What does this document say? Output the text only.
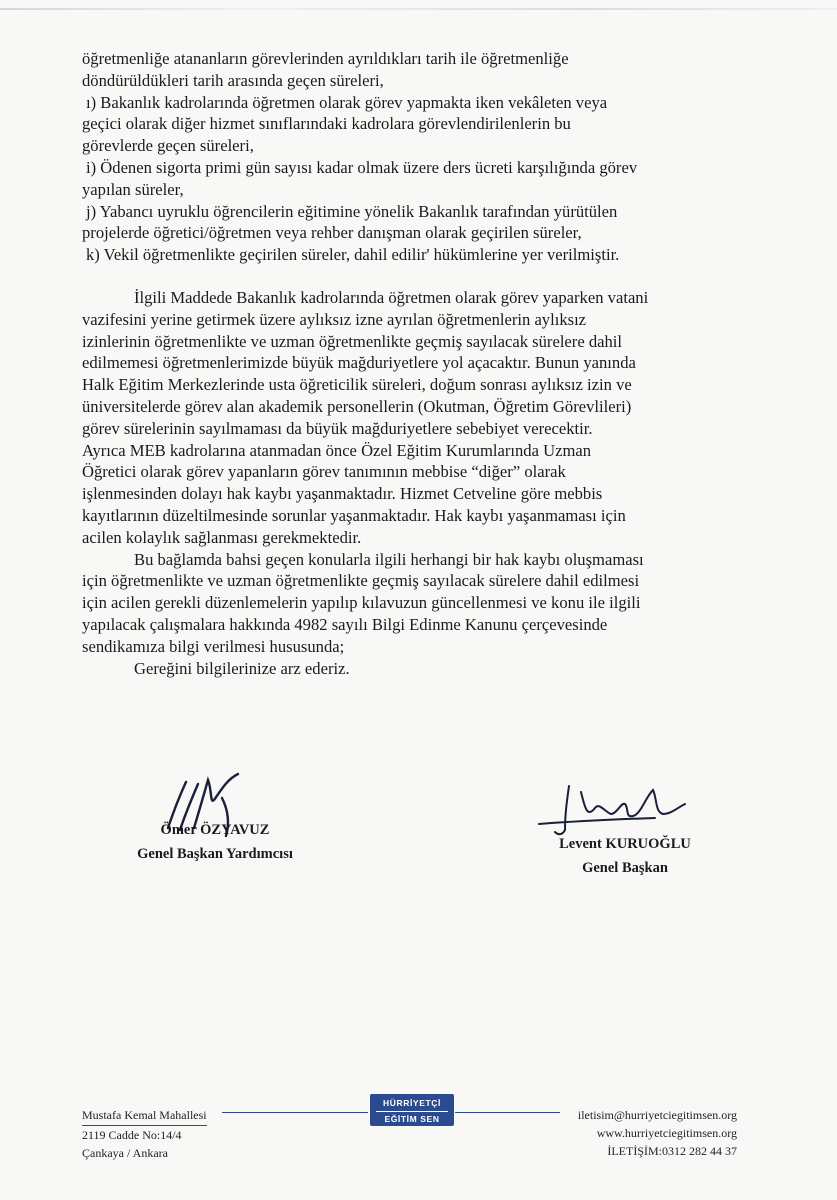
öğretmenliğe atananların görevlerinden ayrıldıkları tarih ile öğretmenliğe
döndürüldükleri tarih arasında geçen süreleri,
ı) Bakanlık kadrolarında öğretmen olarak görev yapmakta iken vekâleten veya
geçici olarak diğer hizmet sınıflarındaki kadrolara görevlendirilenlerin bu
görevlerde geçen süreleri,
i) Ödenen sigorta primi gün sayısı kadar olmak üzere ders ücreti karşılığında görev
yapılan süreler,
j) Yabancı uyruklu öğrencilerin eğitimine yönelik Bakanlık tarafından yürütülen
projelerde öğretici/öğretmen veya rehber danışman olarak geçirilen süreler,
k) Vekil öğretmenlikte geçirilen süreler, dahil edilir' hükümlerine yer verilmiştir.
İlgili Maddede Bakanlık kadrolarında öğretmen olarak görev yaparken vatani
vazifesini yerine getirmek üzere aylıksız izne ayrılan öğretmenlerin aylıksız
izinlerinin öğretmenlikte ve uzman öğretmenlikte geçmiş sayılacak sürelere dahil
edilmemesi öğretmenlerimizde büyük mağduriyetlere yol açacaktır. Bunun yanında
Halk Eğitim Merkezlerinde usta öğreticilik süreleri, doğum sonrası aylıksız izin ve
üniversitelerde görev alan akademik personellerin (Okutman, Öğretim Görevlileri)
görev sürelerinin sayılmaması da büyük mağduriyetlere sebebiyet verecektir.
Ayrıca MEB kadrolarına atanmadan önce Özel Eğitim Kurumlarında Uzman
Öğretici olarak görev yapanların görev tanımının mebbise “diğer” olarak
işlenmesinden dolayı hak kaybı yaşanmaktadır. Hizmet Cetveline göre mebbis
kayıtlarının düzeltilmesinde sorunlar yaşanmaktadır. Hak kaybı yaşanmaması için
acilen kolaylık sağlanması gerekmektedir.
Bu bağlamda bahsi geçen konularla ilgili herhangi bir hak kaybı oluşmaması
için öğretmenlikte ve uzman öğretmenlikte geçmiş sayılacak sürelere dahil edilmesi
için acilen gerekli düzenlemelerin yapılıp kılavuzun güncellenmesi ve konu ile ilgili
yapılacak çalışmalara hakkında 4982 sayılı Bilgi Edinme Kanunu çerçevesinde
sendikamıza bilgi verilmesi hususunda;
Gereğini bilgilerinize arz ederiz.
Ömer ÖZYAVUZ
Genel Başkan Yardımcısı
Levent KURUOĞLU
Genel Başkan
Mustafa Kemal Mahallesi
2119 Cadde No:14/4
Çankaya / Ankara
HÜRRİYETÇİ
EĞİTİM SEN	iletisim@hurriyetciegitimsen.org
www.hurriyetciegitimsen.org
İLETİŞİM:0312 282 44 37
